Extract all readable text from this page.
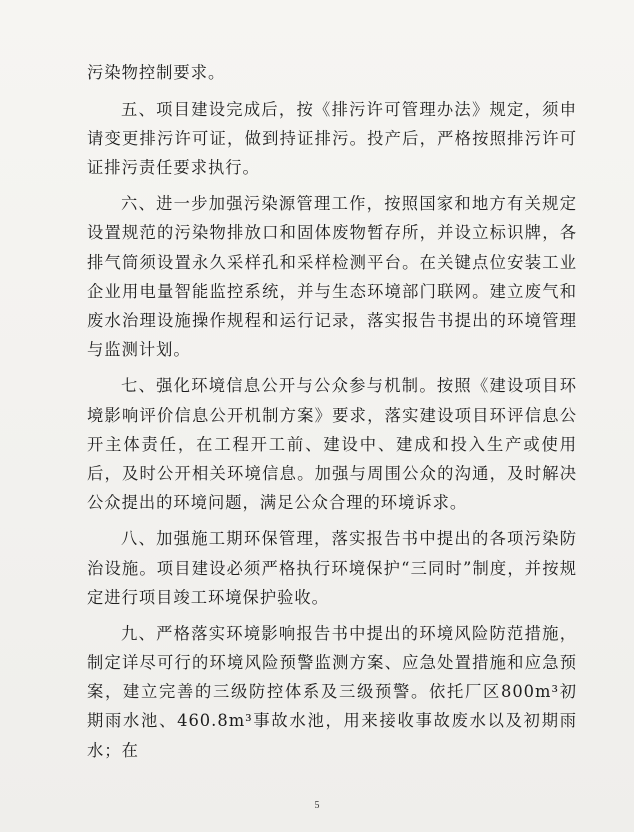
污染物控制要求。

五、项目建设完成后，按《排污许可管理办法》规定，须申请变更排污许可证，做到持证排污。投产后，严格按照排污许可证排污责任要求执行。

六、进一步加强污染源管理工作，按照国家和地方有关规定设置规范的污染物排放口和固体废物暂存所，并设立标识牌，各排气筒须设置永久采样孔和采样检测平台。在关键点位安装工业企业用电量智能监控系统，并与生态环境部门联网。建立废气和废水治理设施操作规程和运行记录，落实报告书提出的环境管理与监测计划。

七、强化环境信息公开与公众参与机制。按照《建设项目环境影响评价信息公开机制方案》要求，落实建设项目环评信息公开主体责任，在工程开工前、建设中、建成和投入生产或使用后，及时公开相关环境信息。加强与周围公众的沟通，及时解决公众提出的环境问题，满足公众合理的环境诉求。

八、加强施工期环保管理，落实报告书中提出的各项污染防治设施。项目建设必须严格执行环境保护“三同时”制度，并按规定进行项目竣工环境保护验收。

九、严格落实环境影响报告书中提出的环境风险防范措施，制定详尽可行的环境风险预警监测方案、应急处置措施和应急预案，建立完善的三级防控体系及三级预警。依托厂区800m³初期雨水池、460.8m³事故水池，用来接收事故废水以及初期雨水；在

5
